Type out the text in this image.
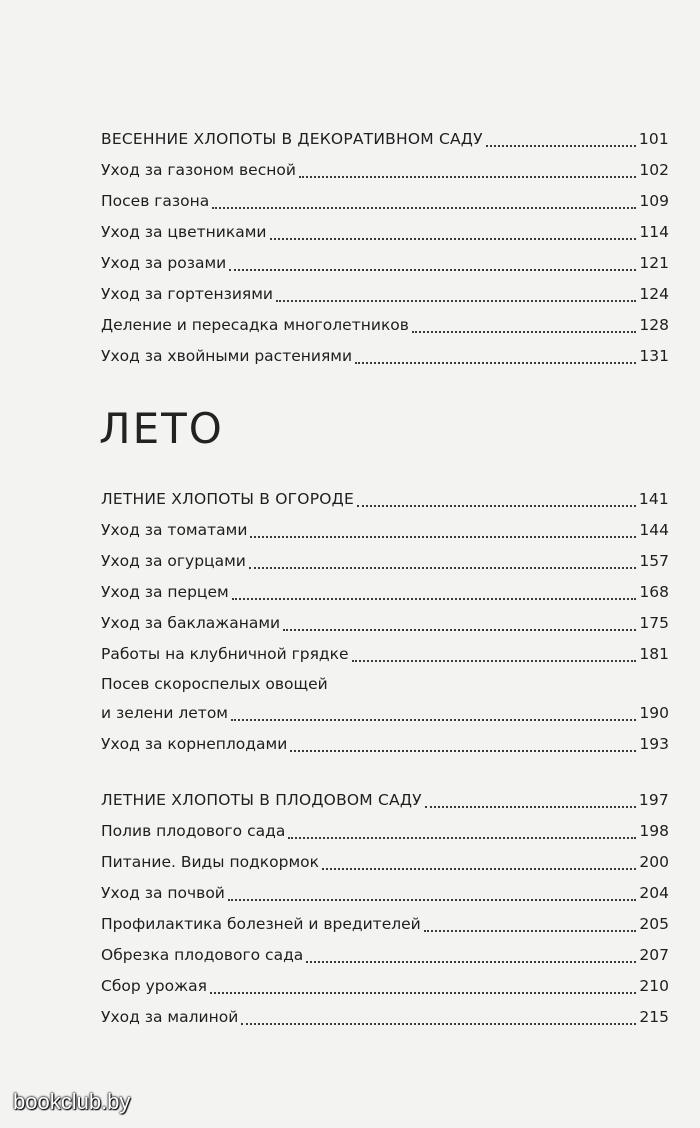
ВЕСЕННИЕ ХЛОПОТЫ В ДЕКОРАТИВНОМ САДУ	101
Уход за газоном весной	102
Посев газона	109
Уход за цветниками	114
Уход за розами	121
Уход за гортензиями	124
Деление и пересадка многолетников	128
Уход за хвойными растениями	131
ЛЕТО
ЛЕТНИЕ ХЛОПОТЫ В ОГОРОДЕ	141
Уход за томатами	144
Уход за огурцами	157
Уход за перцем	168
Уход за баклажанами	175
Работы на клубничной грядке	181
Посев скороспелых овощей
и зелени летом	190
Уход за корнеплодами	193
ЛЕТНИЕ ХЛОПОТЫ В ПЛОДОВОМ САДУ	197
Полив плодового сада	198
Питание. Виды подкормок	200
Уход за почвой	204
Профилактика болезней и вредителей	205
Обрезка плодового сада	207
Сбор урожая	210
Уход за малиной	215
bookclub.by
